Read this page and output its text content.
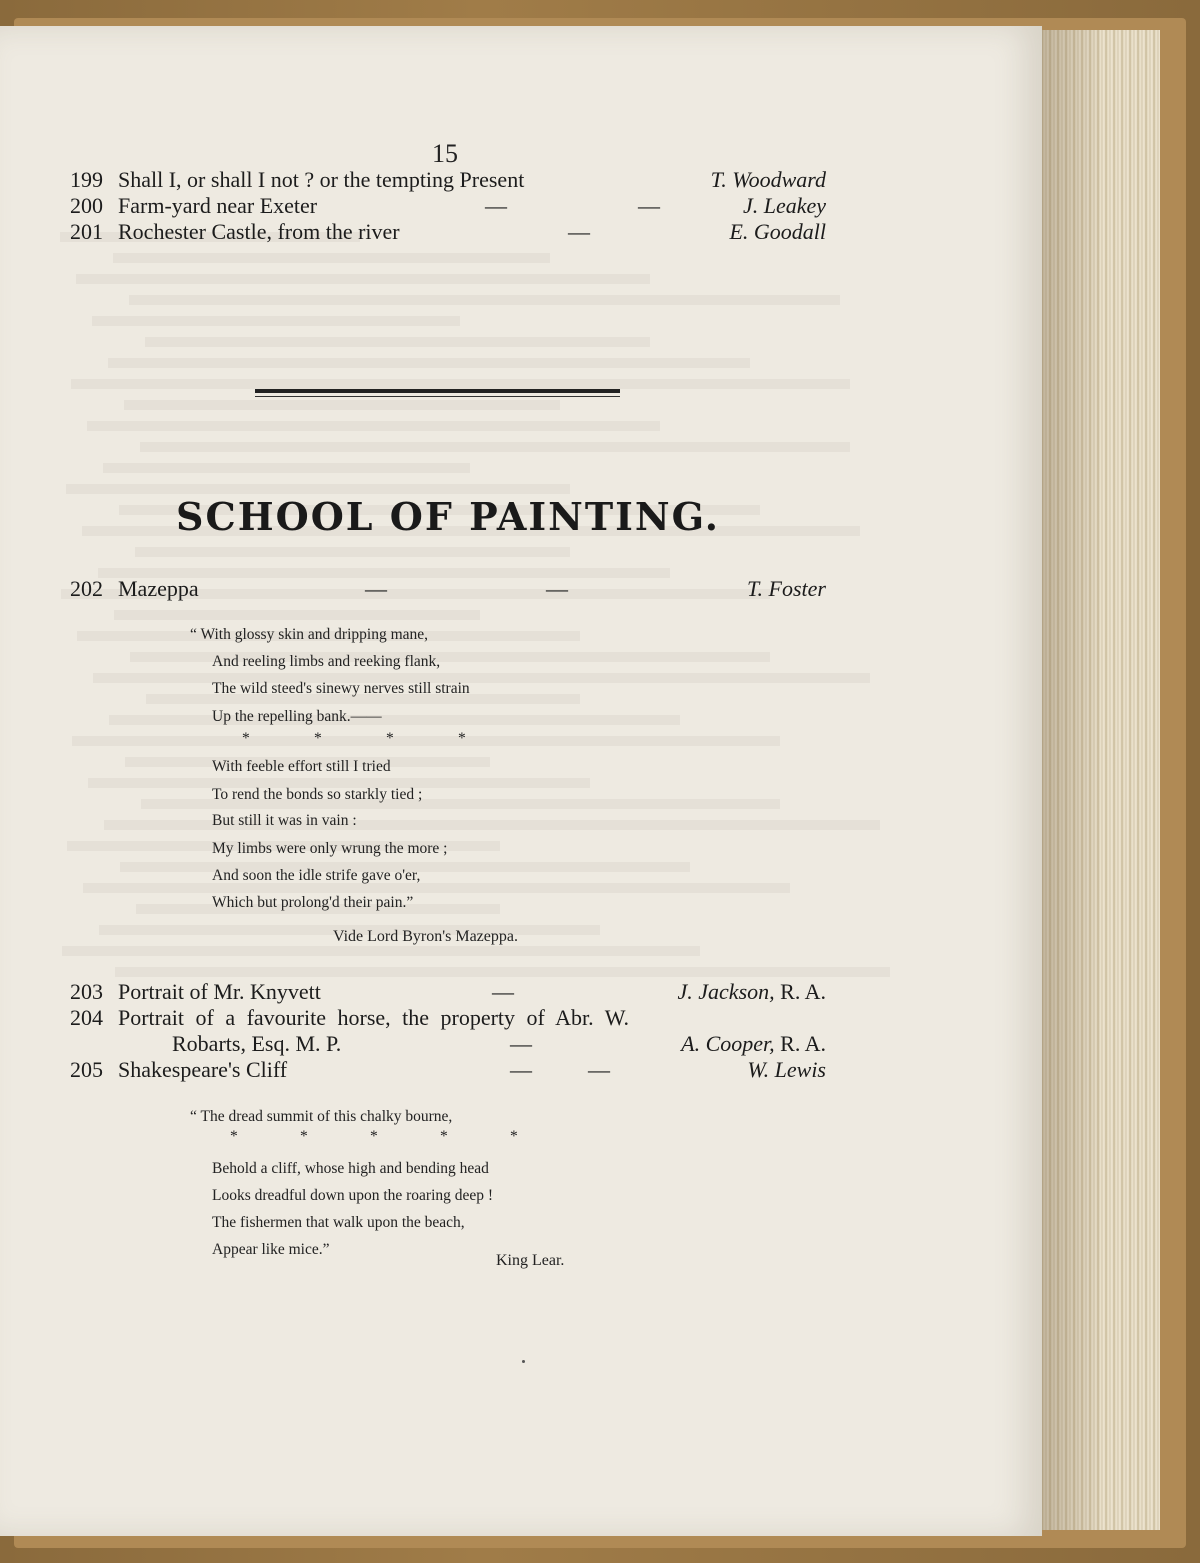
15
199 Shall I, or shall I not ? or the tempting Present	T. Woodward
200 Farm-yard near Exeter	—	—	J. Leakey
201 Rochester Castle, from the river	—	E. Goodall
SCHOOL OF PAINTING.
202 Mazeppa	—	—	T. Foster
“ With glossy skin and dripping mane,
And reeling limbs and reeking flank,
The wild steed's sinewy nerves still strain
Up the repelling bank.——
*	*	*	*
With feeble effort still I tried
To rend the bonds so starkly tied ;
But still it was in vain :
My limbs were only wrung the more ;
And soon the idle strife gave o'er,
Which but prolong'd their pain.”
Vide Lord Byron's Mazeppa.
203 Portrait of Mr. Knyvett	—	J. Jackson, R. A.
204 Portrait of a favourite horse, the property of Abr. W.
Robarts, Esq. M. P.	—	A. Cooper, R. A.
205 Shakespeare's Cliff	—	—	W. Lewis
“ The dread summit of this chalky bourne,
*	*	*	*	*
Behold a cliff, whose high and bending head
Looks dreadful down upon the roaring deep !
The fishermen that walk upon the beach,
Appear like mice.”
King Lear.
